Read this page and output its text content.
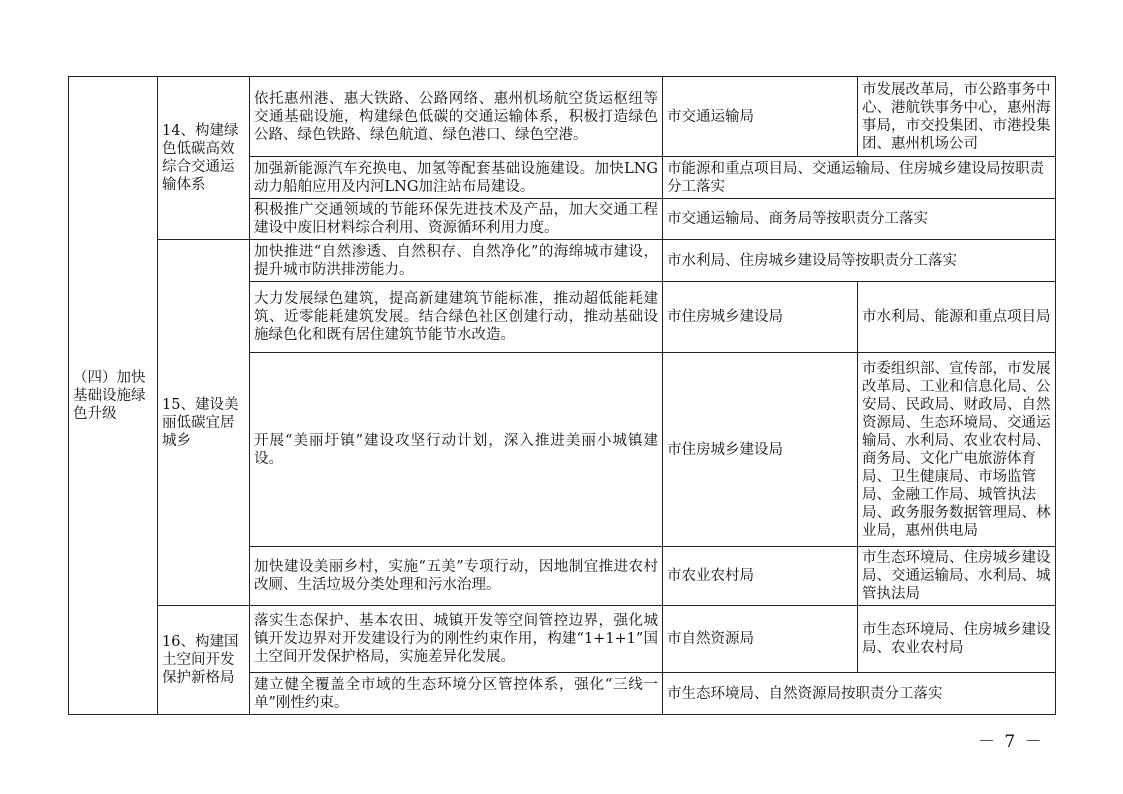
（四）加快基础设施绿色升级	14、构建绿色低碳高效综合交通运输体系	依托惠州港、惠大铁路、公路网络、惠州机场航空货运枢纽等交通基础设施，构建绿色低碳的交通运输体系，积极打造绿色公路、绿色铁路、绿色航道、绿色港口、绿色空港。	市交通运输局	市发展改革局，市公路事务中心、港航铁事务中心，惠州海事局，市交投集团、市港投集团、惠州机场公司
		加强新能源汽车充换电、加氢等配套基础设施建设。加快LNG动力船舶应用及内河LNG加注站布局建设。	市能源和重点项目局、交通运输局、住房城乡建设局按职责分工落实	
		积极推广交通领域的节能环保先进技术及产品，加大交通工程建设中废旧材料综合利用、资源循环利用力度。	市交通运输局、商务局等按职责分工落实	
	15、建设美丽低碳宜居城乡	加快推进“自然渗透、自然积存、自然净化”的海绵城市建设，提升城市防洪排涝能力。	市水利局、住房城乡建设局等按职责分工落实	
		大力发展绿色建筑，提高新建建筑节能标准，推动超低能耗建筑、近零能耗建筑发展。结合绿色社区创建行动，推动基础设施绿色化和既有居住建筑节能节水改造。	市住房城乡建设局	市水利局、能源和重点项目局
		开展“美丽圩镇”建设攻坚行动计划，深入推进美丽小城镇建设。	市住房城乡建设局	市委组织部、宣传部，市发展改革局、工业和信息化局、公安局、民政局、财政局、自然资源局、生态环境局、交通运输局、水利局、农业农村局、商务局、文化广电旅游体育局、卫生健康局、市场监管局、金融工作局、城管执法局、政务服务数据管理局、林业局，惠州供电局
		加快建设美丽乡村，实施“五美”专项行动，因地制宜推进农村改厕、生活垃圾分类处理和污水治理。	市农业农村局	市生态环境局、住房城乡建设局、交通运输局、水利局、城管执法局
	16、构建国土空间开发保护新格局	落实生态保护、基本农田、城镇开发等空间管控边界，强化城镇开发边界对开发建设行为的刚性约束作用，构建“1+1+1”国土空间开发保护格局，实施差异化发展。	市自然资源局	市生态环境局、住房城乡建设局、农业农村局
		建立健全覆盖全市域的生态环境分区管控体系，强化“三线一单”刚性约束。	市生态环境局、自然资源局按职责分工落实	
－ 7 －
